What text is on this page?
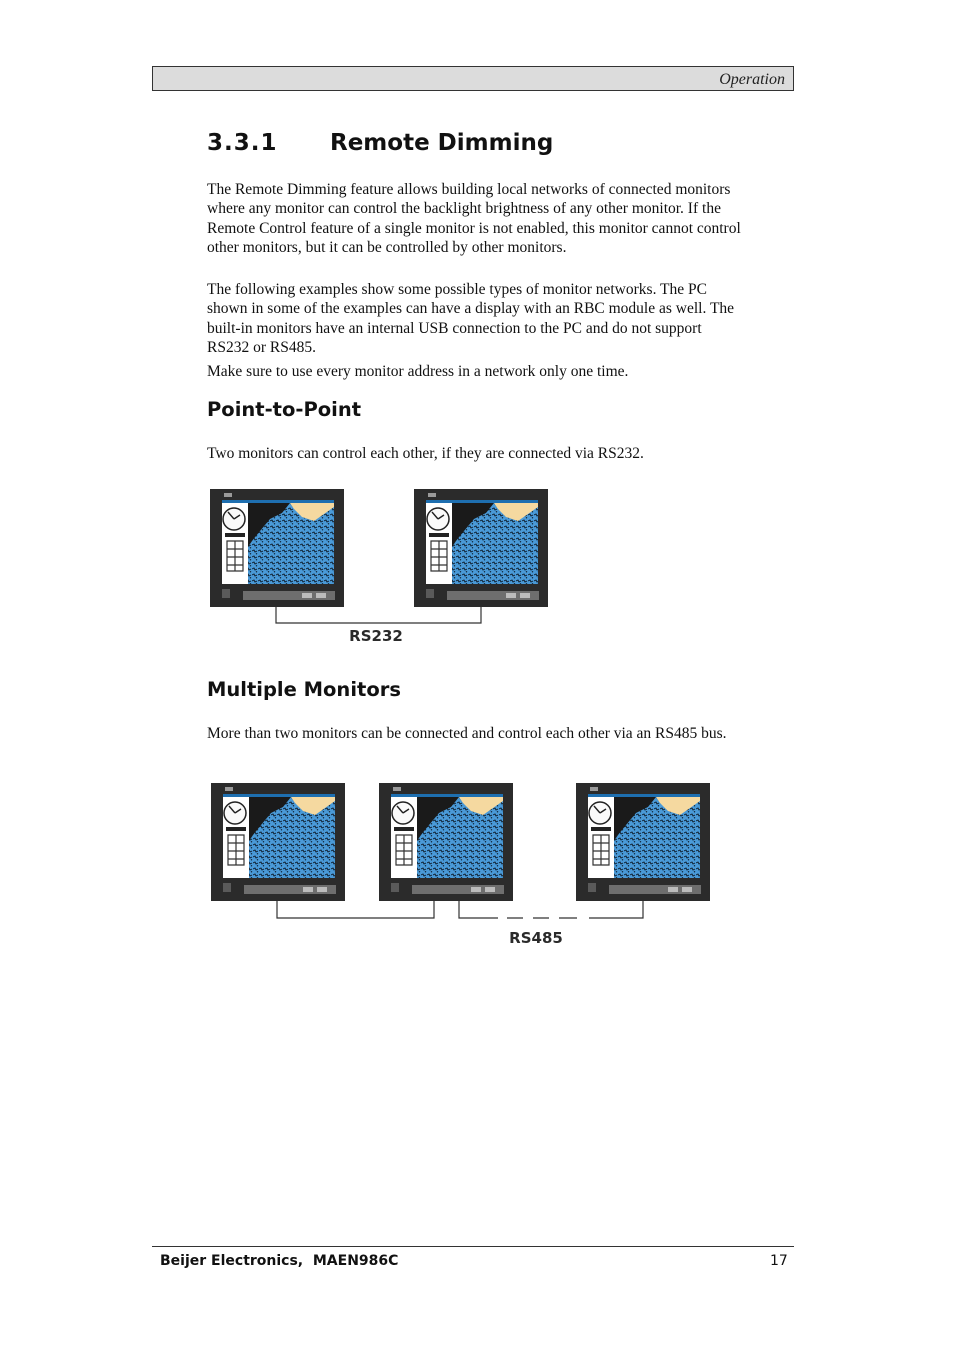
Operation
3.3.1 Remote Dimming

The Remote Dimming feature allows building local networks of connected monitors where any monitor can control the backlight brightness of any other monitor. If the Remote Control feature of a single monitor is not enabled, this monitor cannot control other monitors, but it can be controlled by other monitors.

The following examples show some possible types of monitor networks. The PC shown in some of the examples can have a display with an RBC module as well. The built-in monitors have an internal USB connection to the PC and do not support RS232 or RS485.

Make sure to use every monitor address in a network only one time.

Point-to-Point

Two monitors can control each other, if they are connected via RS232.

RS232
Multiple Monitors

More than two monitors can be connected and control each other via an RS485 bus.

RS485
Beijer Electronics,  MAEN986C	17
